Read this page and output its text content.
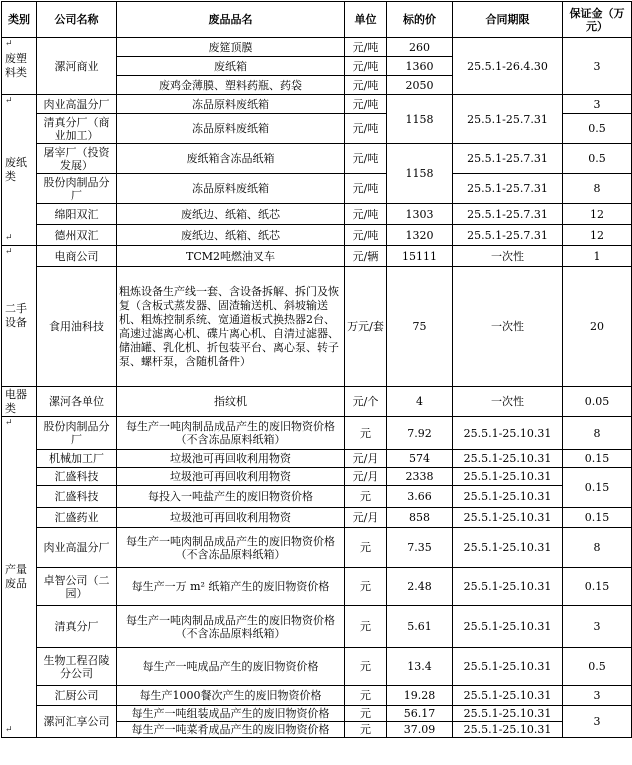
类别	公司名称	废品品名	单位	标的价	合同期限	保证金（万元）

↵
废塑料类	漯河商业	废筵顶膜	元/吨	260	25.5.1-26.4.30	3
		废纸箱	元/吨	1360		
		废鸡金薄膜、塑料药瓶、药袋	元/吨	2050		

↵
废纸类
↵	肉业高温分厂	冻品原料废纸箱	元/吨	1158	25.5.1-25.7.31	3
	清真分厂（商业加工）	冻品原料废纸箱	元/吨			0.5
	屠宰厂（投资发展）	废纸箱含冻品纸箱	元/吨	1158	25.5.1-25.7.31	0.5
	股份肉制品分厂	冻品原料废纸箱	元/吨		25.5.1-25.7.31	8
	绵阳双汇	废纸边、纸箱、纸芯	元/吨	1303	25.5.1-25.7.31	12
	德州双汇	废纸边、纸箱、纸芯	元/吨	1320	25.5.1-25.7.31	12

↵
二手设备	电商公司	TCM2吨燃油叉车	元/辆	15111	一次性	1
	食用油科技	粗炼设备生产线一套、含设备拆解、拆门及恢复（含板式蒸发器、固渣输送机、斜坡输送机、粗炼控制系统、宽通道板式换热器2台、高速过滤离心机、碟片离心机、自清过滤器、储油罐、乳化机、折包装平台、离心泵、转子泵、螺杆泵，含随机备件）	万元/套	75	一次性	20

电器类	漯河各单位	指纹机	元/个	4	一次性	0.05

↵
产量废品
↵	股份肉制品分厂	每生产一吨肉制品成品产生的废旧物资价格（不含冻品原料纸箱）	元	7.92	25.5.1-25.10.31	8
	机械加工厂	垃圾池可再回收利用物资	元/月	574	25.5.1-25.10.31	0.15
	汇盛科技	垃圾池可再回收利用物资	元/月	2338	25.5.1-25.10.31	0.15
	汇盛科技	每投入一吨盐产生的废旧物资价格	元	3.66	25.5.1-25.10.31	
	汇盛药业	垃圾池可再回收利用物资	元/月	858	25.5.1-25.10.31	0.15
	肉业高温分厂	每生产一吨肉制品成品产生的废旧物资价格（不含冻品原料纸箱）	元	7.35	25.5.1-25.10.31	8
	卓智公司（二园）	每生产一万 m² 纸箱产生的废旧物资价格	元	2.48	25.5.1-25.10.31	0.15
	清真分厂	每生产一吨肉制品成品产生的废旧物资价格（不含冻品原料纸箱）	元	5.61	25.5.1-25.10.31	3
	生物工程召陵分公司	每生产一吨成品产生的废旧物资价格	元	13.4	25.5.1-25.10.31	0.5
	汇厨公司	每生产1000餐次产生的废旧物资价格	元	19.28	25.5.1-25.10.31	3
	漯河汇享公司	每生产一吨组装成品产生的废旧物资价格	元	56.17	25.5.1-25.10.31	3
		每生产一吨菜肴成品产生的废旧物资价格	元	37.09	25.5.1-25.10.31	
